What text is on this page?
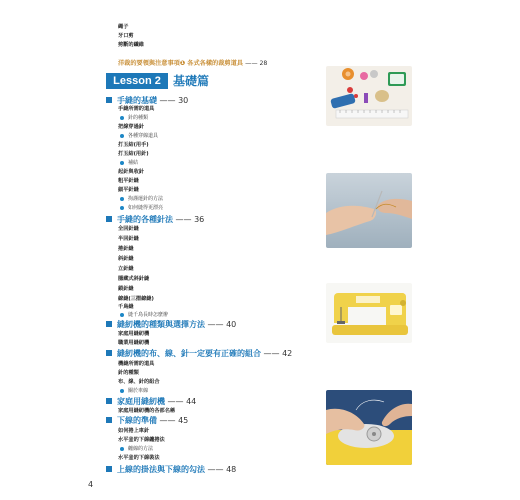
繩子
牙口剪
剪斷的纖維
洋裁的要領與注意事項❶ 各式各樣的裁剪道具 —— 28
Lesson 2	基礎篇
手縫的基礎 —— 30
手縫所需的道具
針的種類
把線穿過針
各種穿線道具
打玉結(用手)
打玉結(用針)
補結
起針與收針
粗平針縫
細平針縫
拘謹運針的方法
如何縫得更漂亮
手縫的各種針法 —— 36
全回針縫
半回針縫
捲針縫
斜針縫
立針縫
隱藏式斜針縫
鎖針縫
繚縫(三摺繚縫)
千鳥縫
縫千鳥長時怎麼辦
縫紉機的種類與選擇方法 —— 40
家庭用縫紉機
職業用縫紉機
縫紉機的布、線、針一定要有正確的組合 —— 42
機縫所需的道具
針的種類
布、線、針的組合
關於車線
家庭用縫紉機 —— 44
家庭用縫紉機的各部名稱
下線的準備 —— 45
如何捲上車針
水平釜的下線纏捲法
纏線的方法
水平釜的下線裝法
上線的掛法與下線的勾法 —— 48
4
